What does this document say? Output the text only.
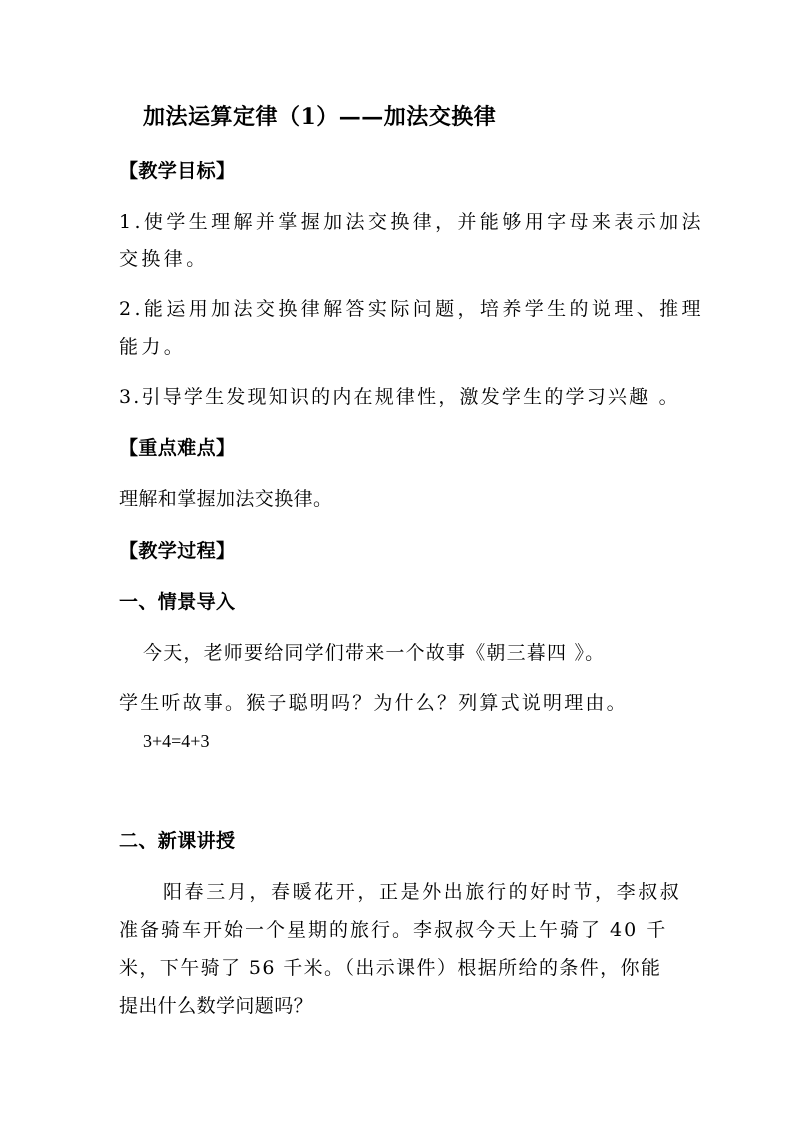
加法运算定律（1）——加法交换律
【教学目标】
1.使学生理解并掌握加法交换律，并能够用字母来表示加法
交换律。
2.能运用加法交换律解答实际问题，培养学生的说理、推理
能力。
3.引导学生发现知识的内在规律性，激发学生的学习兴趣 。
【重点难点】
理解和掌握加法交换律。
【教学过程】
一、情景导入
今天，老师要给同学们带来一个故事《朝三暮四 》。
学生听故事。猴子聪明吗？为什么？列算式说明理由。
3+4=4+3
二、新课讲授
阳春三月，春暖花开，正是外出旅行的好时节，李叔叔
准备骑车开始一个星期的旅行。李叔叔今天上午骑了 40 千
米，下午骑了 56 千米。（出示课件）根据所给的条件，你能
提出什么数学问题吗？
